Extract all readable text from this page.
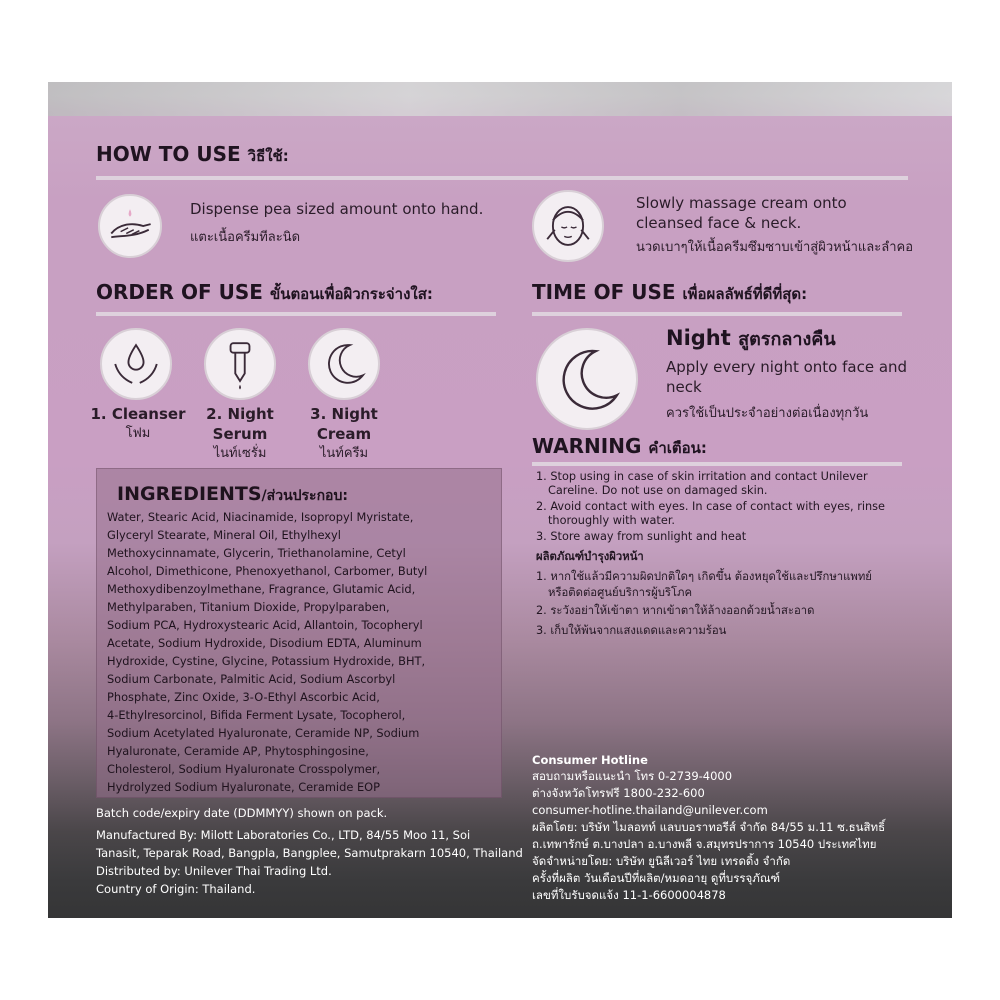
HOW TO USE วิธีใช้:
Dispense pea sized amount onto hand.
แตะเนื้อครีมทีละนิด
Slowly massage cream onto
cleansed face & neck.
นวดเบาๆให้เนื้อครีมซึมซาบเข้าสู่ผิวหน้าและลำคอ
ORDER OF USE ขั้นตอนเพื่อผิวกระจ่างใส:
1. Cleanser
โฟม
2. Night
Serum
ไนท์เซรั่ม
3. Night
Cream
ไนท์ครีม
TIME OF USE เพื่อผลลัพธ์ที่ดีที่สุด:
Night สูตรกลางคืน
Apply every night onto face and
neck
ควรใช้เป็นประจำอย่างต่อเนื่องทุกวัน
WARNING คำเตือน:
1. Stop using in case of skin irritation and contact Unilever
Careline. Do not use on damaged skin.
2. Avoid contact with eyes. In case of contact with eyes, rinse
thoroughly with water.
3. Store away from sunlight and heat
ผลิตภัณฑ์บำรุงผิวหน้า
1. หากใช้แล้วมีความผิดปกติใดๆ เกิดขึ้น ต้องหยุดใช้และปรึกษาแพทย์
หรือติดต่อศูนย์บริการผู้บริโภค
2. ระวังอย่าให้เข้าตา หากเข้าตาให้ล้างออกด้วยน้ำสะอาด
3. เก็บให้พ้นจากแสงแดดและความร้อน
INGREDIENTS/ส่วนประกอบ:
Water, Stearic Acid, Niacinamide, Isopropyl Myristate,
Glyceryl Stearate, Mineral Oil, Ethylhexyl
Methoxycinnamate, Glycerin, Triethanolamine, Cetyl
Alcohol, Dimethicone, Phenoxyethanol, Carbomer, Butyl
Methoxydibenzoylmethane, Fragrance, Glutamic Acid,
Methylparaben, Titanium Dioxide, Propylparaben,
Sodium PCA, Hydroxystearic Acid, Allantoin, Tocopheryl
Acetate, Sodium Hydroxide, Disodium EDTA, Aluminum
Hydroxide, Cystine, Glycine, Potassium Hydroxide, BHT,
Sodium Carbonate, Palmitic Acid, Sodium Ascorbyl
Phosphate, Zinc Oxide, 3-O-Ethyl Ascorbic Acid,
4-Ethylresorcinol, Bifida Ferment Lysate, Tocopherol,
Sodium Acetylated Hyaluronate, Ceramide NP, Sodium
Hyaluronate, Ceramide AP, Phytosphingosine,
Cholesterol, Sodium Hyaluronate Crosspolymer,
Hydrolyzed Sodium Hyaluronate, Ceramide EOP
Batch code/expiry date (DDMMYY) shown on pack.
Manufactured By: Milott Laboratories Co., LTD, 84/55 Moo 11, Soi
Tanasit, Teparak Road, Bangpla, Bangplee, Samutprakarn 10540, Thailand
Distributed by: Unilever Thai Trading Ltd.
Country of Origin: Thailand.
Consumer Hotline
สอบถามหรือแนะนำ โทร 0-2739-4000
ต่างจังหวัดโทรฟรี 1800-232-600
consumer-hotline.thailand@unilever.com
ผลิตโดย: บริษัท ไมลอทท์ แลบบอราทอรีส์ จำกัด 84/55 ม.11 ซ.ธนสิทธิ์
ถ.เทพารักษ์ ต.บางปลา อ.บางพลี จ.สมุทรปราการ 10540 ประเทศไทย
จัดจำหน่ายโดย: บริษัท ยูนิลีเวอร์ ไทย เทรดดิ้ง จำกัด
ครั้งที่ผลิต วันเดือนปีที่ผลิต/หมดอายุ ดูที่บรรจุภัณฑ์
เลขที่ใบรับจดแจ้ง 11-1-6600004878
